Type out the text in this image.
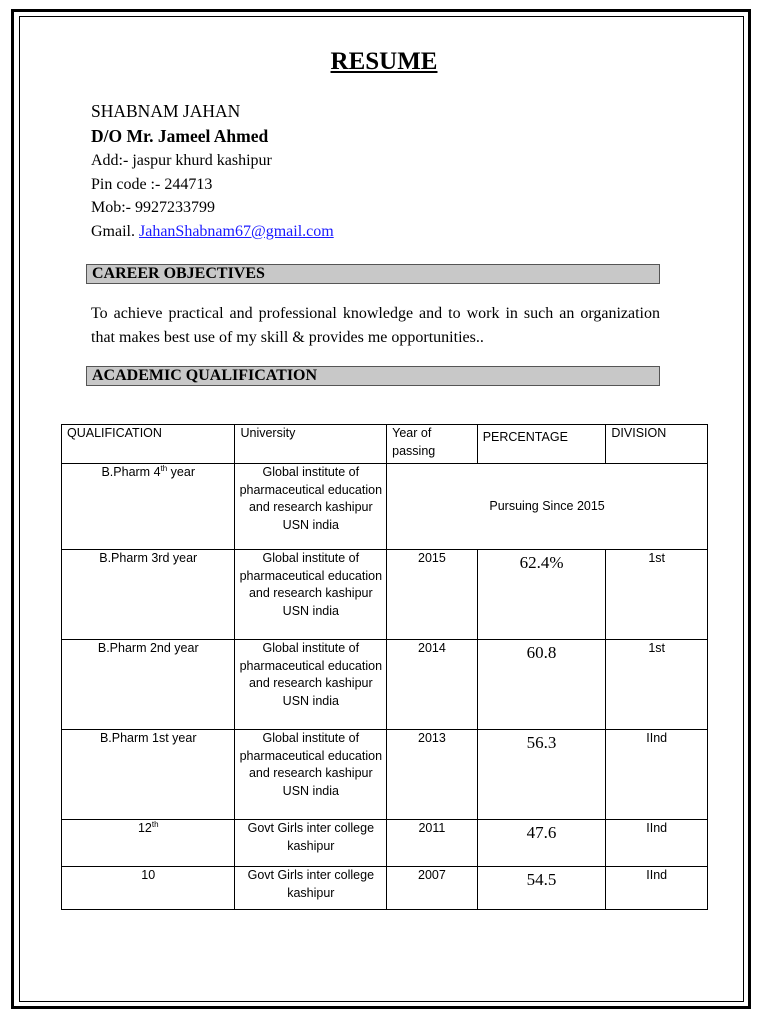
RESUME
SHABNAM JAHAN
D/O Mr. Jameel Ahmed
Add:- jaspur khurd kashipur
Pin code :- 244713
Mob:- 9927233799
Gmail. JahanShabnam67@gmail.com
CAREER OBJECTIVES
To achieve practical and professional knowledge and to work in such an organization that makes best use of my skill & provides me opportunities..
ACADEMIC QUALIFICATION
QUALIFICATION	University	Year of passing	PERCENTAGE	DIVISION
B.Pharm 4th year	Global institute of pharmaceutical education and research kashipur USN india	Pursuing Since 2015		
B.Pharm 3rd year	Global institute of pharmaceutical education and research kashipur USN india	2015	62.4%	1st
B.Pharm 2nd year	Global institute of pharmaceutical education and research kashipur USN india	2014	60.8	1st
B.Pharm 1st year	Global institute of pharmaceutical education and research kashipur USN india	2013	56.3	IInd
12th	Govt Girls inter college kashipur	2011	47.6	IInd
10	Govt Girls inter college kashipur	2007	54.5	IInd
